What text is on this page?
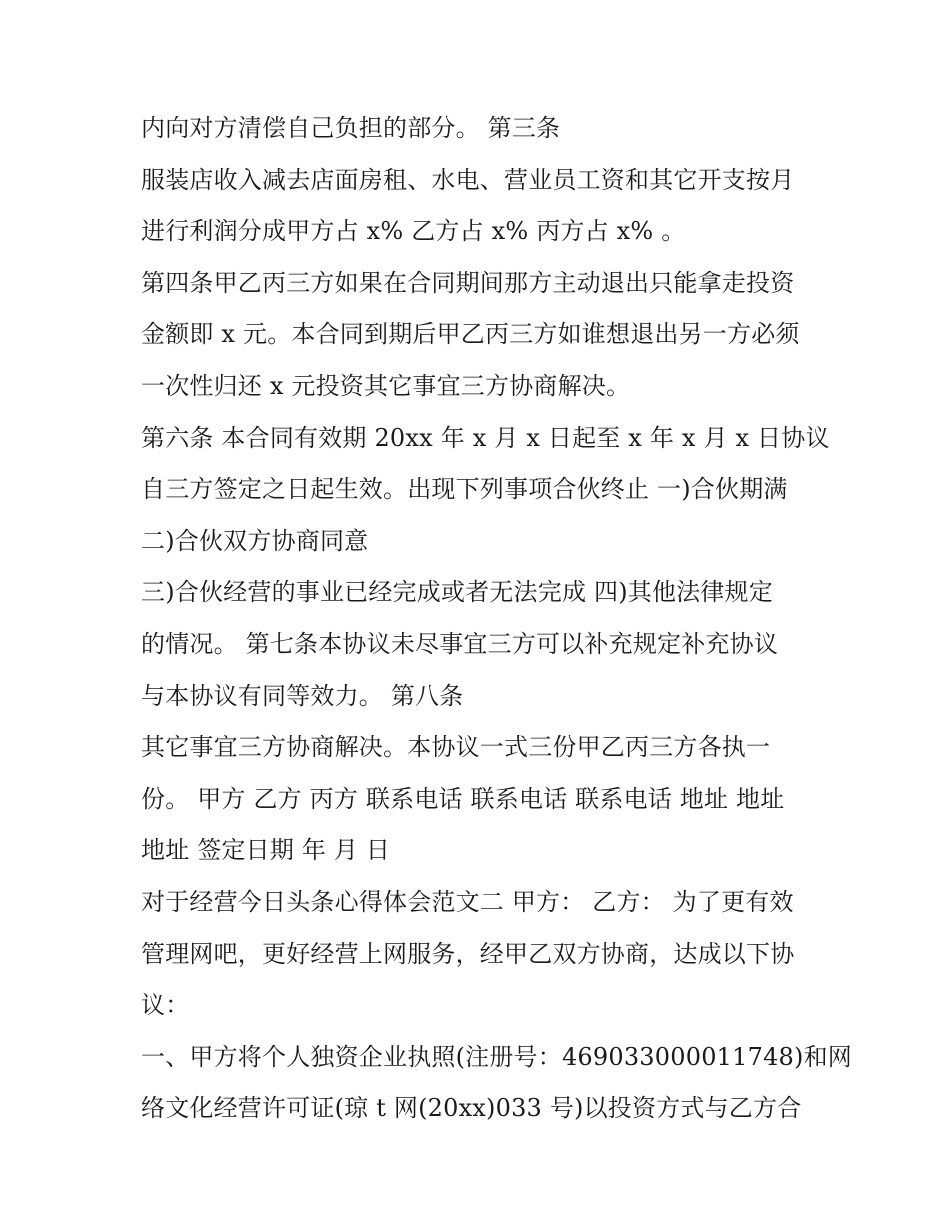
内向对方清偿自己负担的部分。 第三条
服装店收入减去店面房租、水电、营业员工资和其它开支按月
进行利润分成甲方占 x% 乙方占 x% 丙方占 x% 。
第四条甲乙丙三方如果在合同期间那方主动退出只能拿走投资
金额即 x 元。本合同到期后甲乙丙三方如谁想退出另一方必须
一次性归还 x 元投资其它事宜三方协商解决。
第六条 本合同有效期 20xx 年 x 月 x 日起至 x 年 x 月 x 日协议
自三方签定之日起生效。出现下列事项合伙终止 一)合伙期满
二)合伙双方协商同意
三)合伙经营的事业已经完成或者无法完成 四)其他法律规定
的情况。 第七条本协议未尽事宜三方可以补充规定补充协议
与本协议有同等效力。 第八条
其它事宜三方协商解决。本协议一式三份甲乙丙三方各执一
份。 甲方 乙方 丙方 联系电话 联系电话 联系电话 地址 地址
地址 签定日期 年 月 日
对于经营今日头条心得体会范文二 甲方： 乙方： 为了更有效
管理网吧，更好经营上网服务，经甲乙双方协商，达成以下协
议：
一、甲方将个人独资企业执照(注册号：469033000011748)和网
络文化经营许可证(琼 t 网(20xx)033 号)以投资方式与乙方合
